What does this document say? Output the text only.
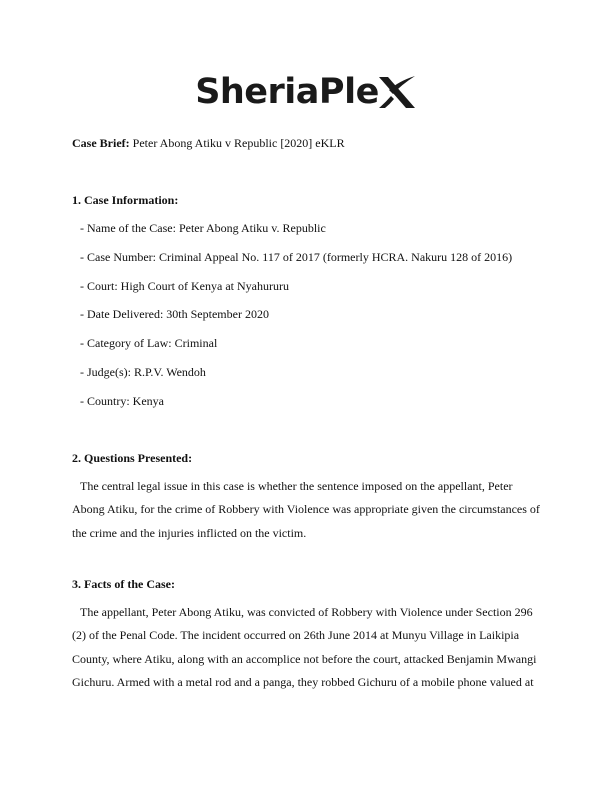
SheriaPle
Case Brief: Peter Abong Atiku v Republic [2020] eKLR
1. Case Information:
- Name of the Case: Peter Abong Atiku v. Republic
- Case Number: Criminal Appeal No. 117 of 2017 (formerly HCRA. Nakuru 128 of 2016)
- Court: High Court of Kenya at Nyahururu
- Date Delivered: 30th September 2020
- Category of Law: Criminal
- Judge(s): R.P.V. Wendoh
- Country: Kenya
2. Questions Presented:

The central legal issue in this case is whether the sentence imposed on the appellant, Peter Abong Atiku, for the crime of Robbery with Violence was appropriate given the circumstances of the crime and the injuries inflicted on the victim.

3. Facts of the Case:

The appellant, Peter Abong Atiku, was convicted of Robbery with Violence under Section 296 (2) of the Penal Code. The incident occurred on 26th June 2014 at Munyu Village in Laikipia County, where Atiku, along with an accomplice not before the court, attacked Benjamin Mwangi Gichuru. Armed with a metal rod and a panga, they robbed Gichuru of a mobile phone valued at
